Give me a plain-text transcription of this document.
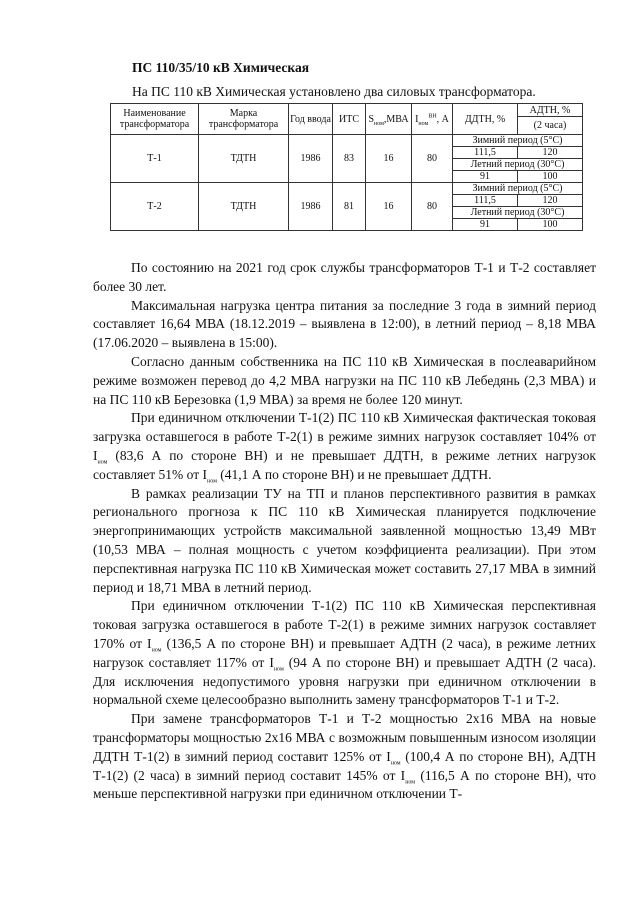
ПС 110/35/10 кВ Химическая
На ПС 110 кВ Химическая установлено два силовых трансформатора.
Наименование трансформатора	Марка трансформатора	Год ввода	ИТС	$S_{ном},МВА$	$I_{ном}^{ВН}$, А	ДДТН, %	АДТН, %
							(2 часа)
Т-1	ТДТН	1986	83	16	80	Зимний период (5°С)	
						111,5	120
						Летний период (30°С)	
						91	100
Т-2	ТДТН	1986	81	16	80	Зимний период (5°С)	
						111,5	120
						Летний период (30°С)	
						91	100

По состоянию на 2021 год срок службы трансформаторов Т-1 и Т-2 составляет более 30 лет.

Максимальная нагрузка центра питания за последние 3 года в зимний период составляет 16,64 МВА (18.12.2019 – выявлена в 12:00), в летний период – 8,18 МВА (17.06.2020 – выявлена в 15:00).

Согласно данным собственника на ПС 110 кВ Химическая в послеаварийном режиме возможен перевод до 4,2 МВА нагрузки на ПС 110 кВ Лебедянь (2,3 МВА) и на ПС 110 кВ Березовка (1,9 МВА) за время не более 120 минут.

При единичном отключении Т-1(2) ПС 110 кВ Химическая фактическая токовая загрузка оставшегося в работе Т-2(1) в режиме зимних нагрузок составляет 104% от $I_{ном}$ (83,6 А по стороне ВН) и не превышает ДДТН, в режиме летних нагрузок составляет 51% от $I_{ном}$ (41,1 А по стороне ВН) и не превышает ДДТН.

В рамках реализации ТУ на ТП и планов перспективного развития в рамках регионального прогноза к ПС 110 кВ Химическая планируется подключение энергопринимающих устройств максимальной заявленной мощностью 13,49 МВт (10,53 МВА – полная мощность с учетом коэффициента реализации). При этом перспективная нагрузка ПС 110 кВ Химическая может составить 27,17 МВА в зимний период и 18,71 МВА в летний период.

При единичном отключении Т-1(2) ПС 110 кВ Химическая перспективная токовая загрузка оставшегося в работе Т-2(1) в режиме зимних нагрузок составляет 170% от $I_{ном}$ (136,5 А по стороне ВН) и превышает АДТН (2 часа), в режиме летних нагрузок составляет 117% от $I_{ном}$ (94 А по стороне ВН) и превышает АДТН (2 часа). Для исключения недопустимого уровня нагрузки при единичном отключении в нормальной схеме целесообразно выполнить замену трансформаторов Т-1 и Т-2.

При замене трансформаторов Т-1 и Т-2 мощностью 2х16 МВА на новые трансформаторы мощностью 2х16 МВА с возможным повышенным износом изоляции ДДТН Т-1(2) в зимний период составит 125% от $I_{ном}$ (100,4 А по стороне ВН), АДТН Т-1(2) (2 часа) в зимний период составит 145% от $I_{ном}$ (116,5 А по стороне ВН), что меньше перспективной нагрузки при единичном отключении Т-
